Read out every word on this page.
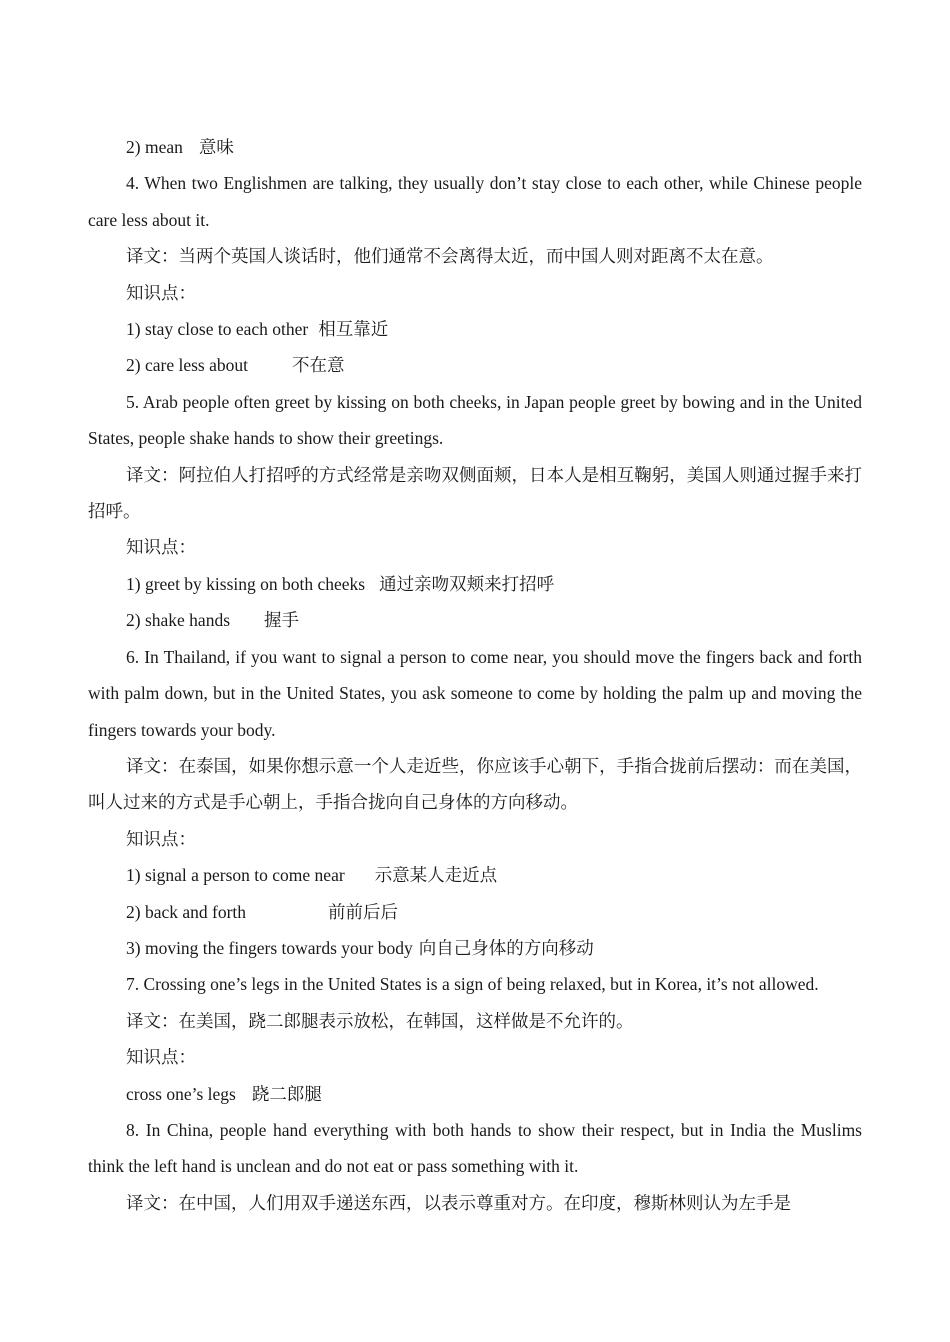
2) mean 意味

4. When two Englishmen are talking, they usually don’t stay close to each other, while Chinese people care less about it.

译文：当两个英国人谈话时，他们通常不会离得太近，而中国人则对距离不太在意。

知识点：
1) stay close to each other 相互靠近
2) care less about	不在意

5. Arab people often greet by kissing on both cheeks, in Japan people greet by bowing and in the United States, people shake hands to show their greetings.

译文：阿拉伯人打招呼的方式经常是亲吻双侧面颊，日本人是相互鞠躬，美国人则通过握手来打招呼。

知识点：
1) greet by kissing on both cheeks 通过亲吻双颊来打招呼
2) shake hands 握手

6. In Thailand, if you want to signal a person to come near, you should move the fingers back and forth with palm down, but in the United States, you ask someone to come by holding the palm up and moving the fingers towards your body.

译文：在泰国，如果你想示意一个人走近些，你应该手心朝下，手指合拢前后摆动：而在美国，叫人过来的方式是手心朝上，手指合拢向自己身体的方向移动。

知识点：
1) signal a person to come near 示意某人走近点
2) back and forth	前前后后
3) moving the fingers towards your body 向自己身体的方向移动

7. Crossing one’s legs in the United States is a sign of being relaxed, but in Korea, it’s not allowed.

译文：在美国，跷二郎腿表示放松，在韩国，这样做是不允许的。

知识点：
cross one’s legs 跷二郎腿

8. In China, people hand everything with both hands to show their respect, but in India the Muslims think the left hand is unclean and do not eat or pass something with it.

译文：在中国，人们用双手递送东西，以表示尊重对方。在印度，穆斯林则认为左手是
